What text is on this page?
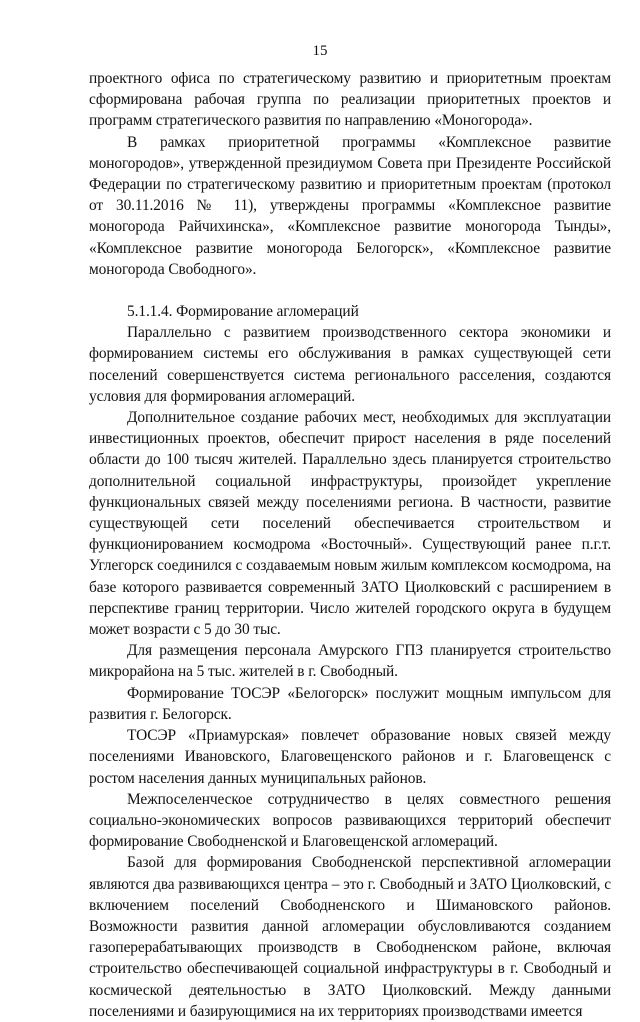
15

проектного офиса по стратегическому развитию и приоритетным проектам сформирована рабочая группа по реализации приоритетных проектов и программ стратегического развития по направлению «Моногорода».

В рамках приоритетной программы «Комплексное развитие моногородов», утвержденной президиумом Совета при Президенте Российской Федерации по стратегическому развитию и приоритетным проектам (протокол от 30.11.2016 № 11), утверждены программы «Комплексное развитие моногорода Райчихинска», «Комплексное развитие моногорода Тынды», «Комплексное развитие моногорода Белогорск», «Комплексное развитие моногорода Свободного».

5.1.1.4. Формирование агломераций

Параллельно с развитием производственного сектора экономики и формированием системы его обслуживания в рамках существующей сети поселений совершенствуется система регионального расселения, создаются условия для формирования агломераций.

Дополнительное создание рабочих мест, необходимых для эксплуатации инвестиционных проектов, обеспечит прирост населения в ряде поселений области до 100 тысяч жителей. Параллельно здесь планируется строительство дополнительной социальной инфраструктуры, произойдет укрепление функциональных связей между поселениями региона. В частности, развитие существующей сети поселений обеспечивается строительством и функционированием космодрома «Восточный». Существующий ранее п.г.т. Углегорск соединился с создаваемым новым жилым комплексом космодрома, на базе которого развивается современный ЗАТО Циолковский с расширением в перспективе границ территории. Число жителей городского округа в будущем может возрасти с 5 до 30 тыс.

Для размещения персонала Амурского ГПЗ планируется строительство микрорайона на 5 тыс. жителей в г. Свободный.

Формирование ТОСЭР «Белогорск» послужит мощным импульсом для развития г. Белогорск.

ТОСЭР «Приамурская» повлечет образование новых связей между поселениями Ивановского, Благовещенского районов и г. Благовещенск с ростом населения данных муниципальных районов.

Межпоселенческое сотрудничество в целях совместного решения социально-экономических вопросов развивающихся территорий обеспечит формирование Свободненской и Благовещенской агломераций.

Базой для формирования Свободненской перспективной агломерации являются два развивающихся центра – это г. Свободный и ЗАТО Циолковский, с включением поселений Свободненского и Шимановского районов. Возможности развития данной агломерации обусловливаются созданием газоперерабатывающих производств в Свободненском районе, включая строительство обеспечивающей социальной инфраструктуры в г. Свободный и космической деятельностью в ЗАТО Циолковский. Между данными поселениями и базирующимися на их территориях производствами имеется
